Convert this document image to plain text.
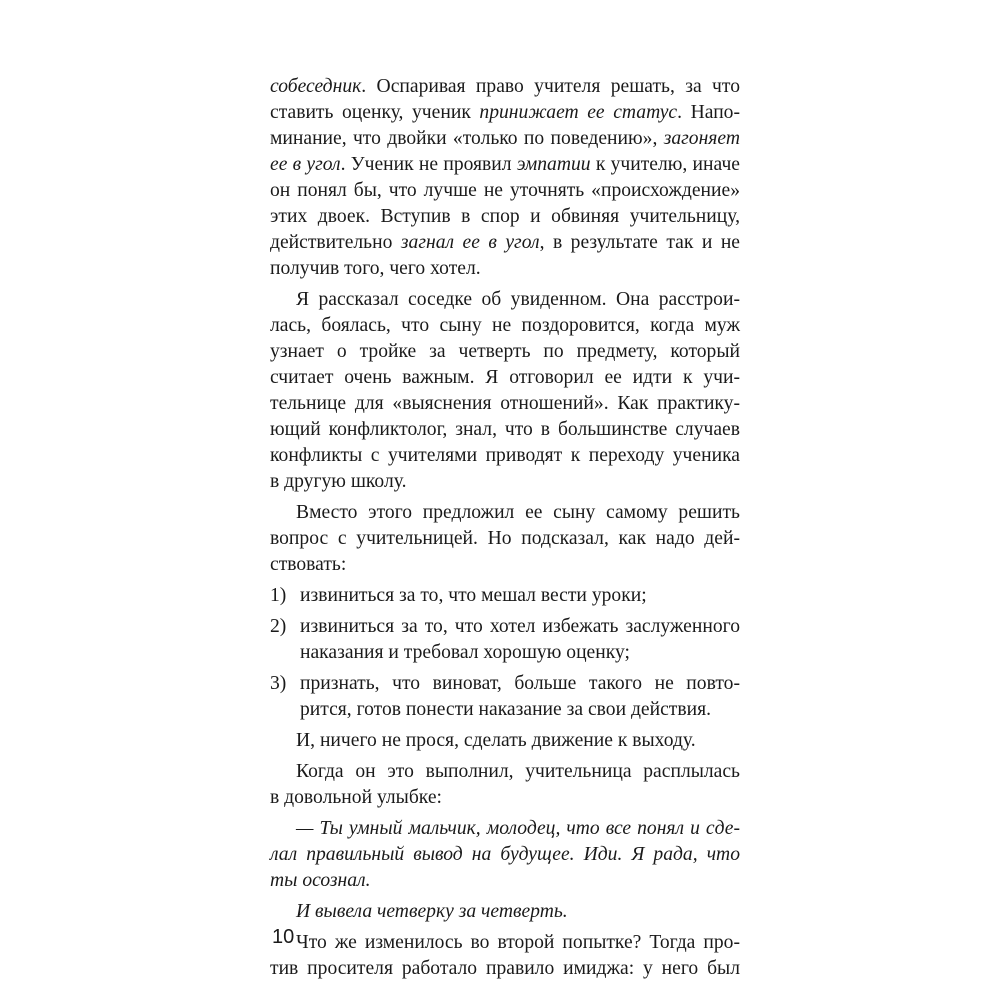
собеседник. Оспаривая право учителя решать, за что
ставить оценку, ученик принижает ее статус. Напо-
минание, что двойки «только по поведению», загоняет
ее в угол. Ученик не проявил эмпатии к учителю, иначе
он понял бы, что лучше не уточнять «происхождение»
этих двоек. Вступив в спор и обвиняя учительницу,
действительно загнал ее в угол, в результате так и не
получив того, чего хотел.
Я рассказал соседке об увиденном. Она расстрои-
лась, боялась, что сыну не поздоровится, когда муж
узнает о тройке за четверть по предмету, который
считает очень важным. Я отговорил ее идти к учи-
тельнице для «выяснения отношений». Как практику-
ющий конфликтолог, знал, что в большинстве случаев
конфликты с учителями приводят к переходу ученика
в другую школу.
Вместо этого предложил ее сыну самому решить
вопрос с учительницей. Но подсказал, как надо дей-
ствовать:
1) извиниться за то, что мешал вести уроки;
2) извиниться за то, что хотел избежать заслуженного
наказания и требовал хорошую оценку;
3) признать, что виноват, больше такого не повто-
рится, готов понести наказание за свои действия.
И, ничего не прося, сделать движение к выходу.
Когда он это выполнил, учительница расплылась
в довольной улыбке:
— Ты умный мальчик, молодец, что все понял и сде-
лал правильный вывод на будущее. Иди. Я рада, что
ты осознал.
И вывела четверку за четверть.
Что же изменилось во второй попытке? Тогда про-
тив просителя работало правило имиджа: у него был
10
